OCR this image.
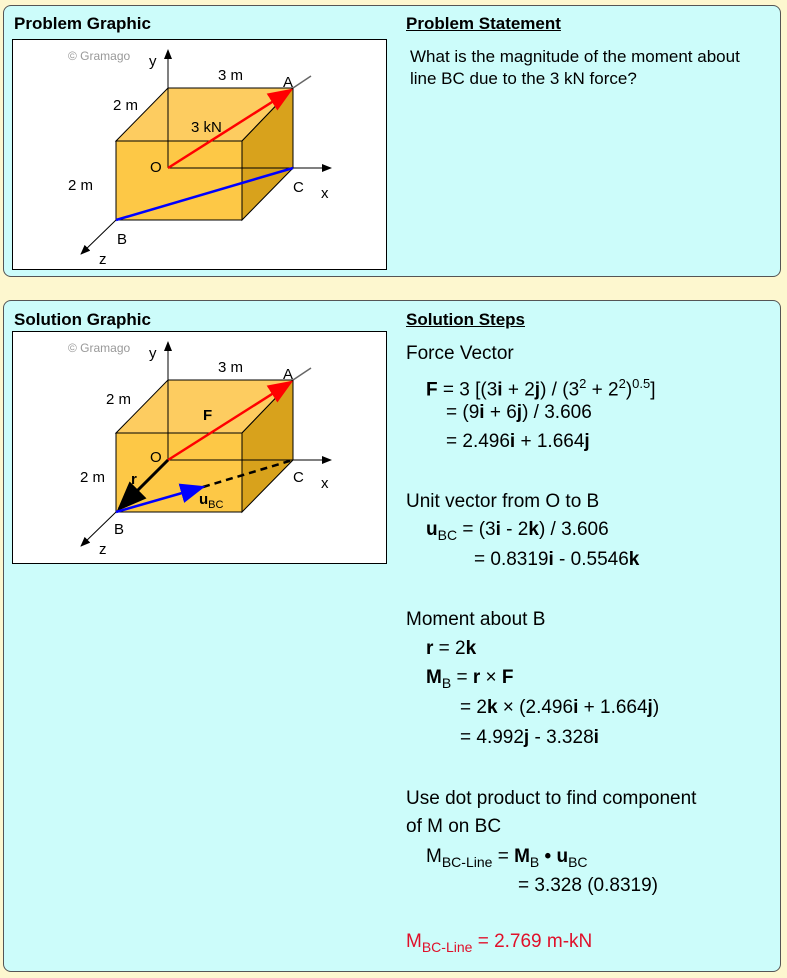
Problem Graphic	Problem Statement
© Gramago y
3 m	A
2 m
3 kN
O
2 m	C x
B
z
What is the magnitude of the moment about line BC due to the 3 kN force?
Solution Graphic	Solution Steps
© Gramago y
3 m	A
2 m
F
O
2 m r	C x
$u_{BC}$
B
z
Force Vector
F = 3 $[(3i + 2j) / (3^2 + 2^2)^{0.5}]$
= (9i + 6j) / 3.606
= 2.496i + 1.664j
Unit vector from O to B
$u_{BC} = (3i - 2k) / 3.606$
= 0.8319i - 0.5546k
Moment about B
r = 2k
$M_B = r \times F$
= 2k × (2.496i + 1.664j)
= 4.992j - 3.328i
Use dot product to find component
of M on BC
$M_{BC-Line} = M_B$ • $u_{BC}$
= 3.328 (0.8319)
$M_{BC-Line} = 2.769$ m-kN
